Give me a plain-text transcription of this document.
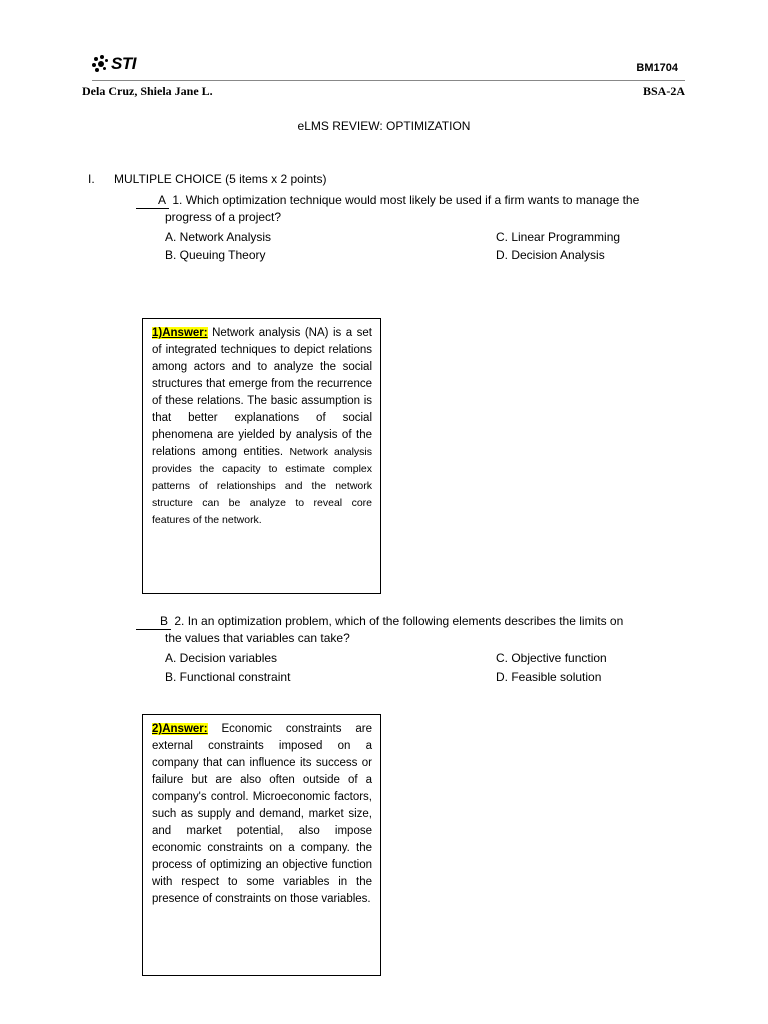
STI	BM1704
Dela Cruz, Shiela Jane L.	BSA-2A
eLMS REVIEW: OPTIMIZATION
I. MULTIPLE CHOICE (5 items x 2 points)
A 1. Which optimization technique would most likely be used if a firm wants to manage the
progress of a project?
A. Network Analysis
B. Queuing Theory
C. Linear Programming
D. Decision Analysis
1)Answer: Network analysis (NA) is a set of integrated techniques to depict relations among actors and to analyze the social structures that emerge from the recurrence of these relations. The basic assumption is that better explanations of social phenomena are yielded by analysis of the relations among entities. Network analysis provides the capacity to estimate complex patterns of relationships and the network structure can be analyze to reveal core features of the network.
B 2. In an optimization problem, which of the following elements describes the limits on
the values that variables can take?
A. Decision variables
B. Functional constraint
C. Objective function
D. Feasible solution
2)Answer: Economic constraints are external constraints imposed on a company that can influence its success or failure but are also often outside of a company's control. Microeconomic factors, such as supply and demand, market size, and market potential, also impose economic constraints on a company. the process of optimizing an objective function with respect to some variables in the presence of constraints on those variables.
